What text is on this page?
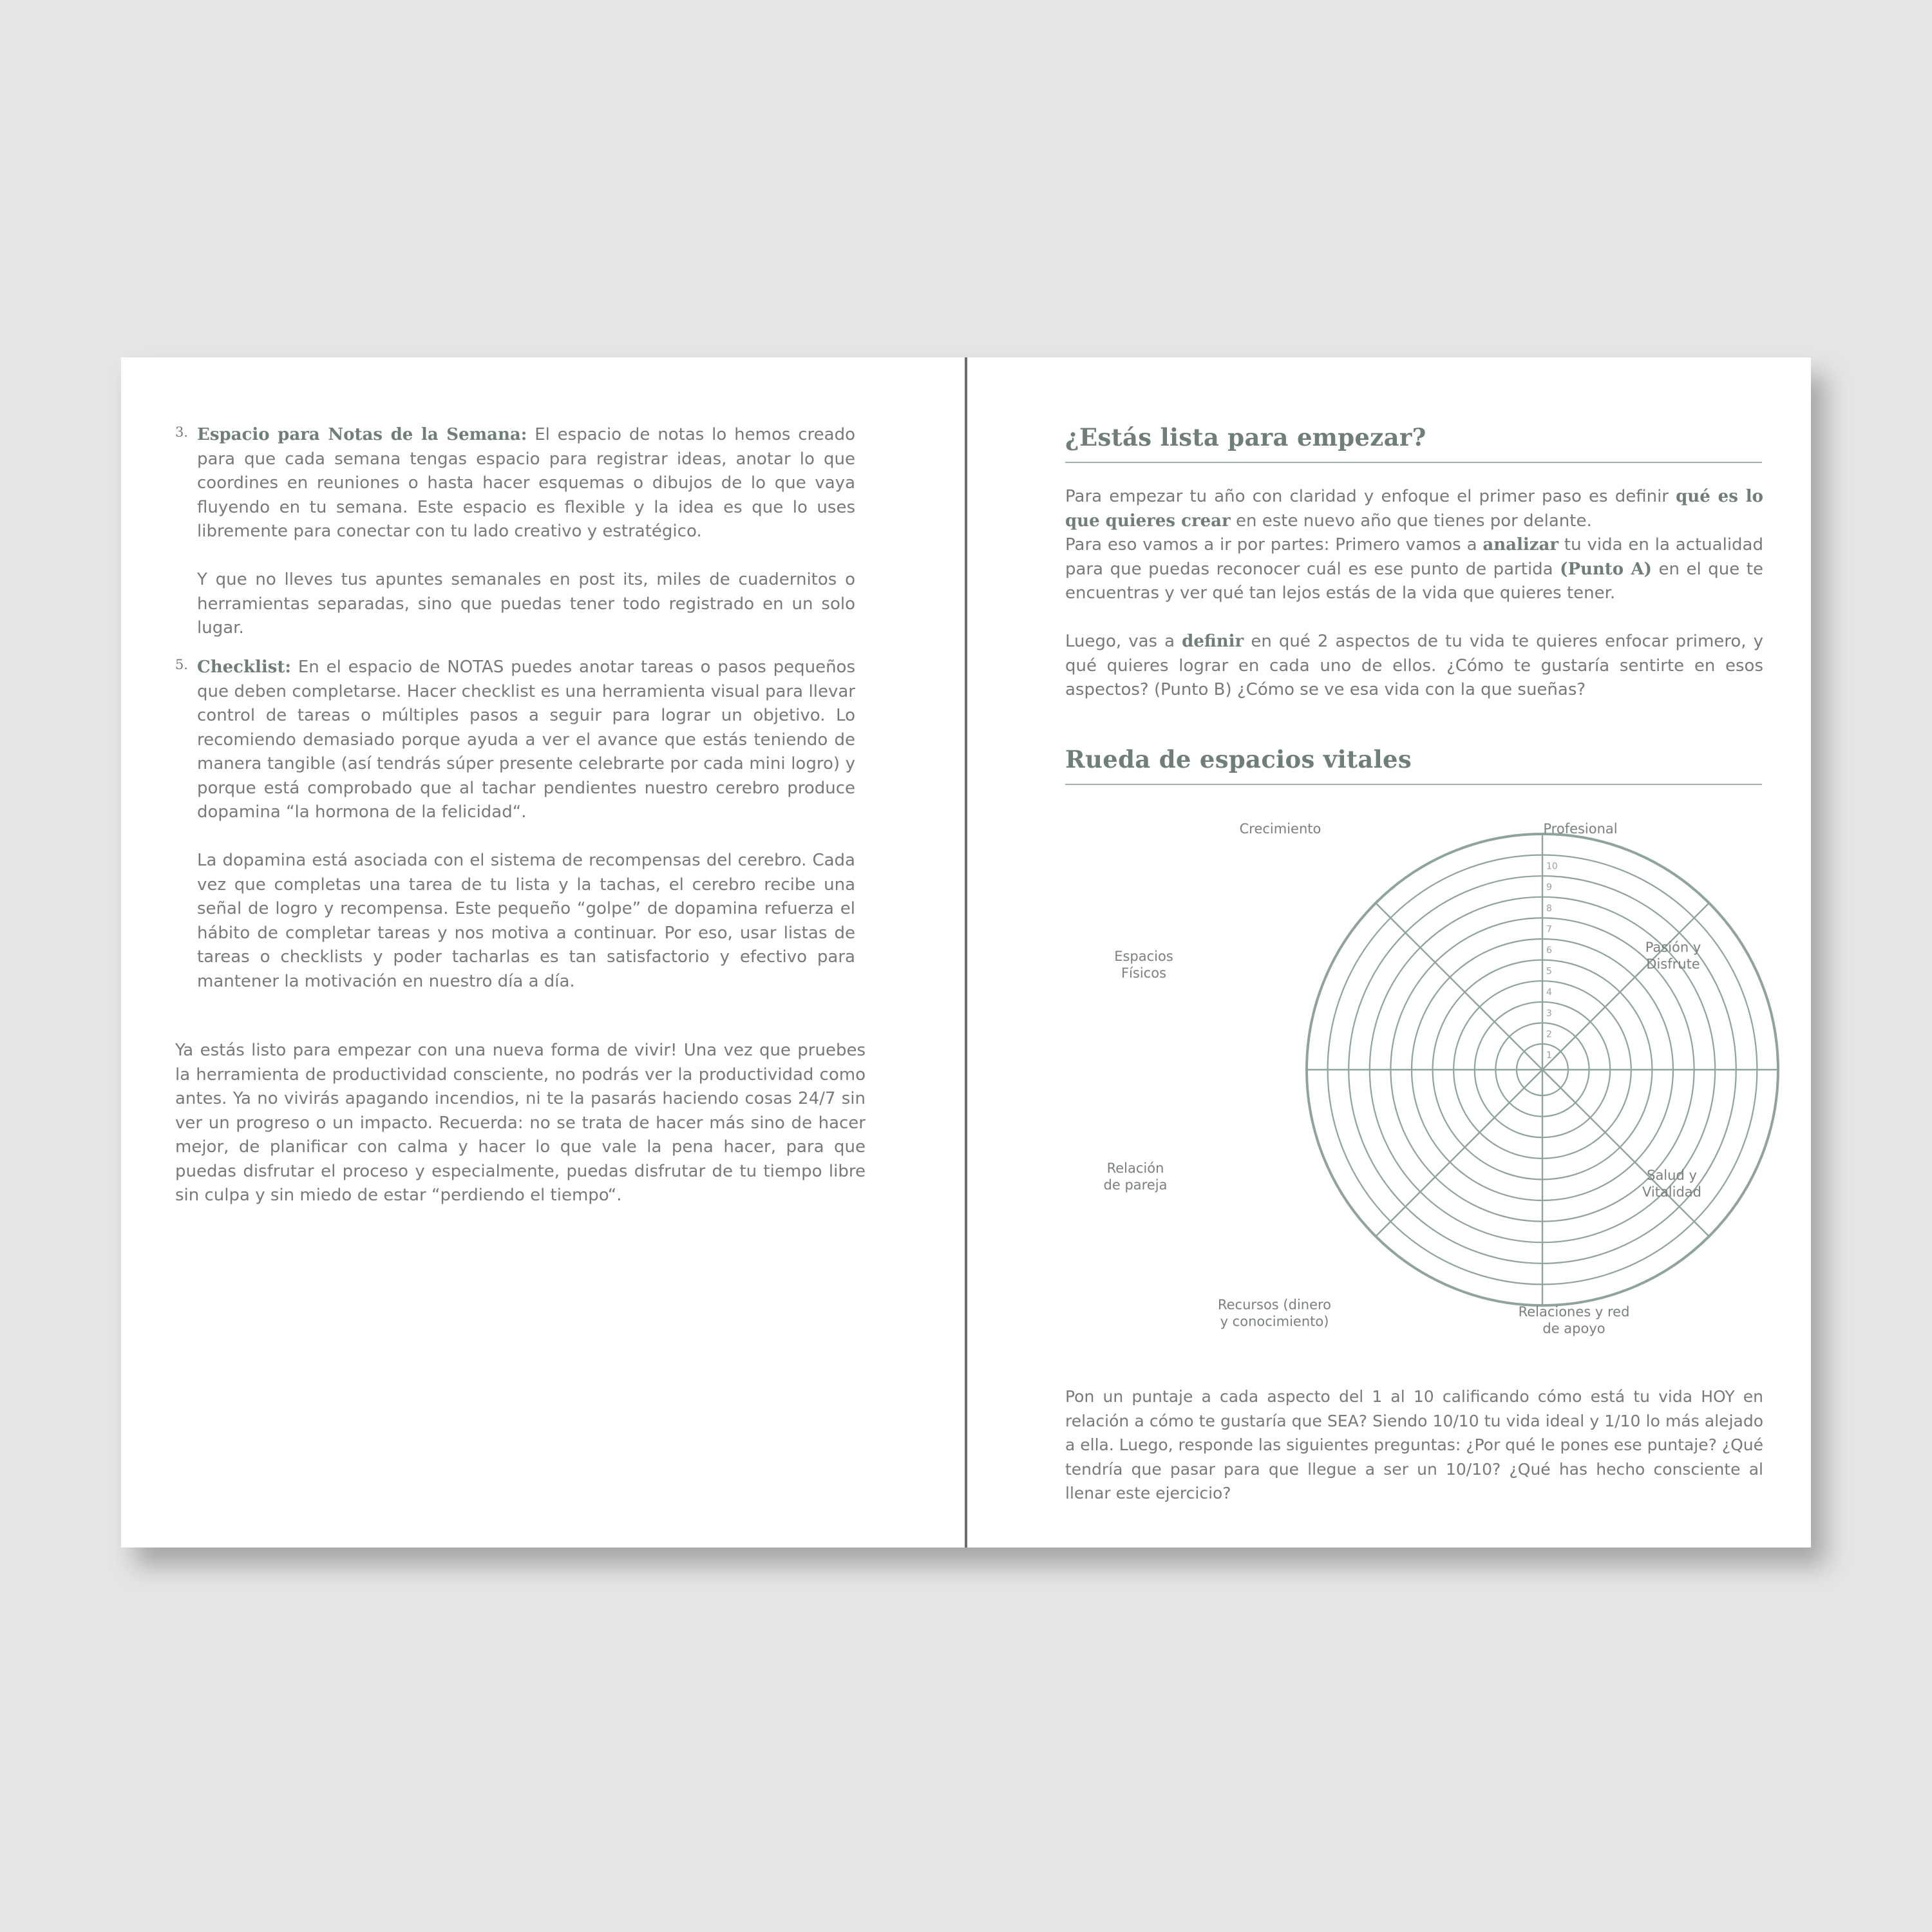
3. Espacio para Notas de la Semana: El espacio de notas lo hemos creado para que cada semana tengas espacio para registrar ideas, anotar lo que coordines en reuniones o hasta hacer esquemas o dibujos de lo que vaya fluyendo en tu semana. Este espacio es flexible y la idea es que lo uses libremente para conectar con tu lado creativo y estratégico.

Y que no lleves tus apuntes semanales en post its, miles de cuadernitos o herramientas separadas, sino que puedas tener todo registrado en un solo lugar.

5. Checklist: En el espacio de NOTAS puedes anotar tareas o pasos pequeños que deben completarse. Hacer checklist es una herramienta visual para llevar control de tareas o múltiples pasos a seguir para lograr un objetivo. Lo recomiendo demasiado porque ayuda a ver el avance que estás teniendo de manera tangible (así tendrás súper presente celebrarte por cada mini logro) y porque está comprobado que al tachar pendientes nuestro cerebro produce dopamina “la hormona de la felicidad“.

La dopamina está asociada con el sistema de recompensas del cerebro. Cada vez que completas una tarea de tu lista y la tachas, el cerebro recibe una señal de logro y recompensa. Este pequeño “golpe” de dopamina refuerza el hábito de completar tareas y nos motiva a continuar. Por eso, usar listas de tareas o checklists y poder tacharlas es tan satisfactorio y efectivo para mantener la motivación en nuestro día a día.

Ya estás listo para empezar con una nueva forma de vivir! Una vez que pruebes la herramienta de productividad consciente, no podrás ver la productividad como antes. Ya no vivirás apagando incendios, ni te la pasarás haciendo cosas 24/7 sin ver un progreso o un impacto. Recuerda: no se trata de hacer más sino de hacer mejor, de planificar con calma y hacer lo que vale la pena hacer, para que puedas disfrutar el proceso y especialmente, puedas disfrutar de tu tiempo libre sin culpa y sin miedo de estar “perdiendo el tiempo“.

¿Estás lista para empezar?

Para empezar tu año con claridad y enfoque el primer paso es definir qué es lo que quieres crear en este nuevo año que tienes por delante.
Para eso vamos a ir por partes: Primero vamos a analizar tu vida en la actualidad para que puedas reconocer cuál es ese punto de partida (Punto A) en el que te encuentras y ver qué tan lejos estás de la vida que quieres tener.

Luego, vas a definir en qué 2 aspectos de tu vida te quieres enfocar primero, y qué quieres lograr en cada uno de ellos. ¿Cómo te gustaría sentirte en esos aspectos? (Punto B) ¿Cómo se ve esa vida con la que sueñas?

Rueda de espacios vitales
1
2
3
4
5
6
7
8
9
10
Crecimiento	Profesional
Pasión y
Disfrute
Salud y
Vitalidad
Relaciones y red
de apoyo
Recursos (dinero
y conocimiento)
Relación
de pareja
Espacios
Físicos

Pon un puntaje a cada aspecto del 1 al 10 calificando cómo está tu vida HOY en relación a cómo te gustaría que SEA? Siendo 10/10 tu vida ideal y 1/10 lo más alejado a ella. Luego, responde las siguientes preguntas: ¿Por qué le pones ese puntaje? ¿Qué tendría que pasar para que llegue a ser un 10/10? ¿Qué has hecho consciente al llenar este ejercicio?
